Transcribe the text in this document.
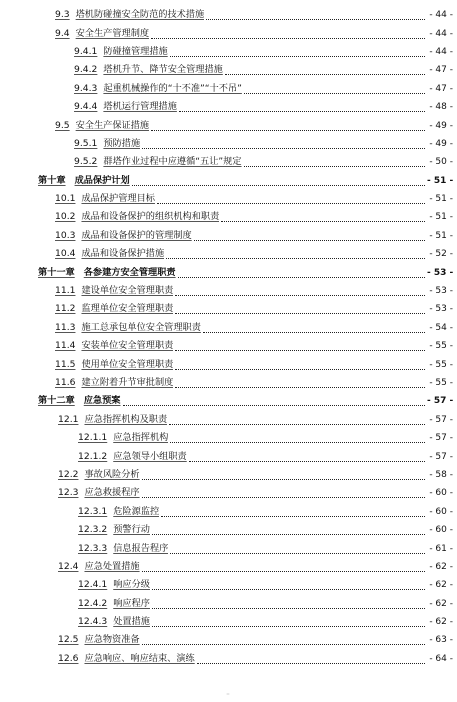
9.3 塔机防碰撞安全防范的技术措施	- 44 -
9.4 安全生产管理制度	- 44 -
9.4.1 防碰撞管理措施	- 44 -
9.4.2 塔机升节、降节安全管理措施	- 47 -
9.4.3 起重机械操作的“十不准”“十不吊”	- 47 -
9.4.4 塔机运行管理措施	- 48 -
9.5 安全生产保证措施	- 49 -
9.5.1 预防措施	- 49 -
9.5.2 群塔作业过程中应遵循“五让”规定	- 50 -
第十章 成品保护计划	- 51 -
10.1 成品保护管理目标	- 51 -
10.2 成品和设备保护的组织机构和职责	- 51 -
10.3 成品和设备保护的管理制度	- 51 -
10.4 成品和设备保护措施	- 52 -
第十一章 各参建方安全管理职责	- 53 -
11.1 建设单位安全管理职责	- 53 -
11.2 监理单位安全管理职责	- 53 -
11.3 施工总承包单位安全管理职责	- 54 -
11.4 安装单位安全管理职责	- 55 -
11.5 使用单位安全管理职责	- 55 -
11.6 建立附着升节审批制度	- 55 -
第十二章 应急预案	- 57 -
12.1 应急指挥机构及职责	- 57 -
12.1.1 应急指挥机构	- 57 -
12.1.2 应急领导小组职责	- 57 -
12.2 事故风险分析	- 58 -
12.3 应急救援程序	- 60 -
12.3.1 危险源监控	- 60 -
12.3.2 预警行动	- 60 -
12.3.3 信息报告程序	- 61 -
12.4 应急处置措施	- 62 -
12.4.1 响应分级	- 62 -
12.4.2 响应程序	- 62 -
12.4.3 处置措施	- 62 -
12.5 应急物资准备	- 63 -
12.6 应急响应、响应结束、演练	- 64 -
⁼
